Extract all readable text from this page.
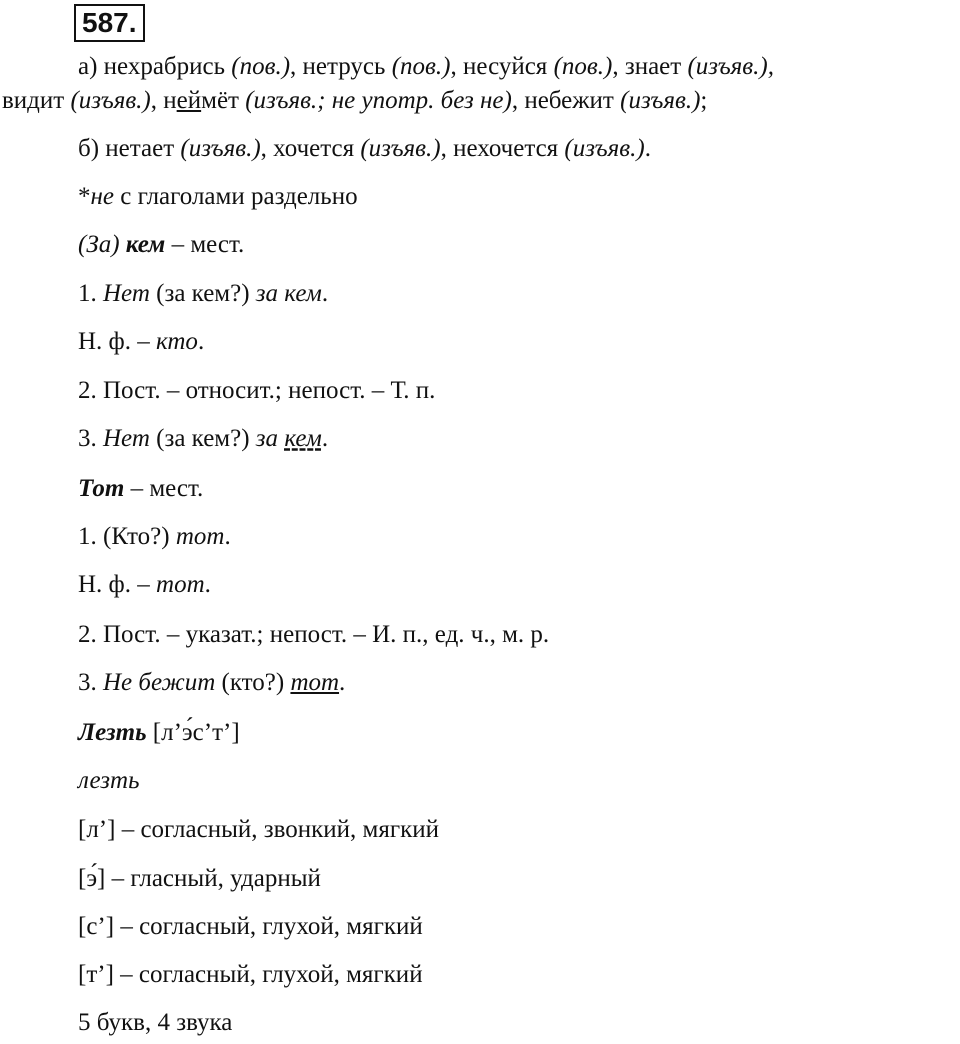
587.
а) нехрабрись (пов.), нетрусь (пов.), несуйся (пов.), знает (изъяв.),
видит (изъяв.), неймёт (изъяв.; не употр. без не), небежит (изъяв.);
б) нетает (изъяв.), хочется (изъяв.), нехочется (изъяв.).
*не с глаголами раздельно
(За) кем – мест.
1. Нет (за кем?) за кем.
Н. ф. – кто.
2. Пост. – относит.; непост. – Т. п.
3. Нет (за кем?) за кем.
Тот – мест.
1. (Кто?) тот.
Н. ф. – тот.
2. Пост. – указат.; непост. – И. п., ед. ч., м. р.
3. Не бежит (кто?) тот.
Лезть [л’э́с’т’]
лезть
[л’] – согласный, звонкий, мягкий
[э́] – гласный, ударный
[с’] – согласный, глухой, мягкий
[т’] – согласный, глухой, мягкий
5 букв, 4 звука
